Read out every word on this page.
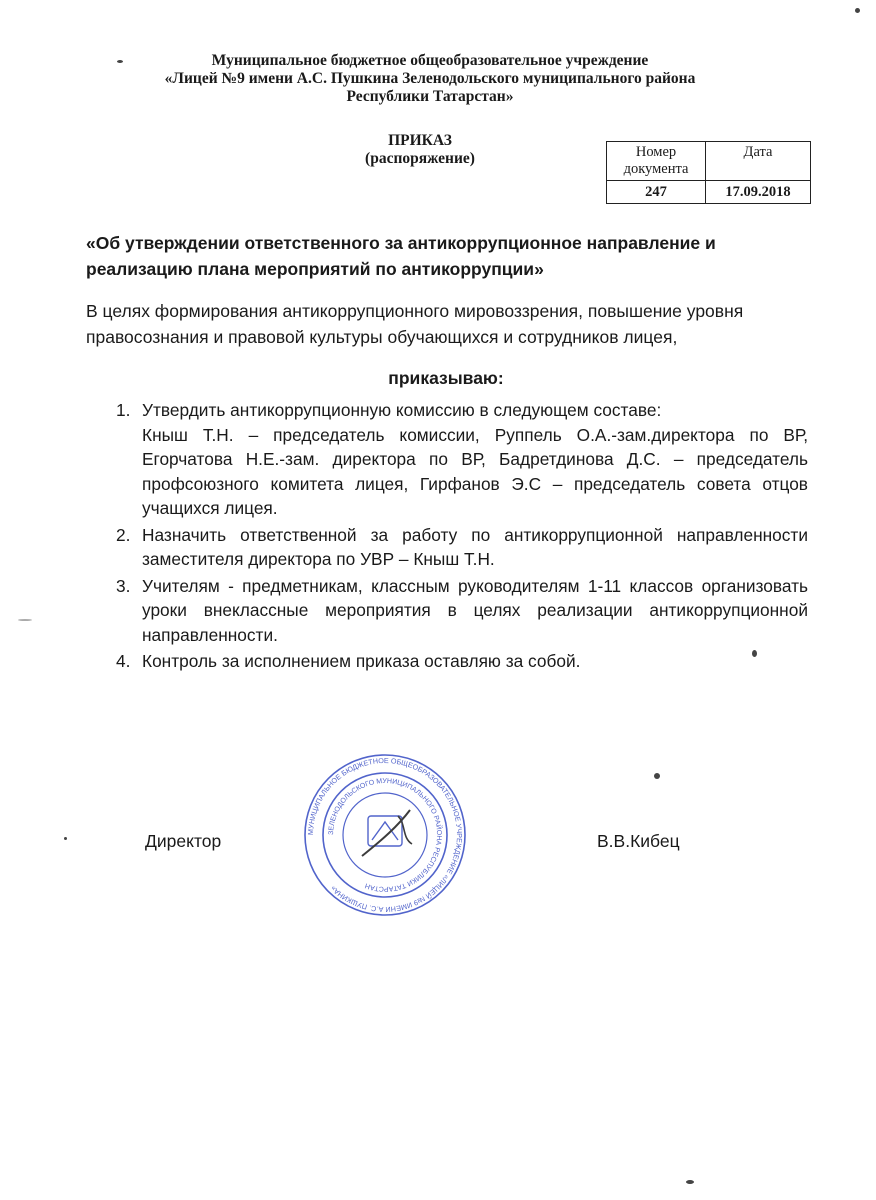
Муниципальное бюджетное общеобразовательное учреждение
«Лицей №9 имени А.С. Пушкина Зеленодольского муниципального района
Республики Татарстан»
ПРИКАЗ
(распоряжение)	Номер документа	Дата
247	17.09.2018
«Об утверждении ответственного за антикоррупционное направление и реализацию плана мероприятий по антикоррупции»
В целях формирования антикоррупционного мировоззрения, повышение уровня правосознания и правовой культуры обучающихся и сотрудников лицея,
приказываю:
1. Утвердить антикоррупционную комиссию в следующем составе:
Кныш Т.Н. – председатель комиссии, Руппель О.А.-зам.директора по ВР, Егорчатова Н.Е.-зам. директора по ВР, Бадретдинова Д.С. – председатель профсоюзного комитета лицея, Гирфанов Э.С – председатель совета отцов учащихся лицея.
2. Назначить ответственной за работу по антикоррупционной направленности заместителя директора по УВР – Кныш Т.Н.
3. Учителям - предметникам, классным руководителям 1-11 классов организовать уроки внеклассные мероприятия в целях реализации антикоррупционной направленности.
4. Контроль за исполнением приказа оставляю за собой.
Директор	В.В.Кибец
МУНИЦИПАЛЬНОЕ БЮДЖЕТНОЕ ОБЩЕОБРАЗОВАТЕЛЬНОЕ УЧРЕЖДЕНИЕ «ЛИЦЕЙ №9 ИМЕНИ А.С. ПУШКИНА»
ЗЕЛЕНОДОЛЬСКОГО МУНИЦИПАЛЬНОГО РАЙОНА РЕСПУБЛИКИ ТАТАРСТАН
